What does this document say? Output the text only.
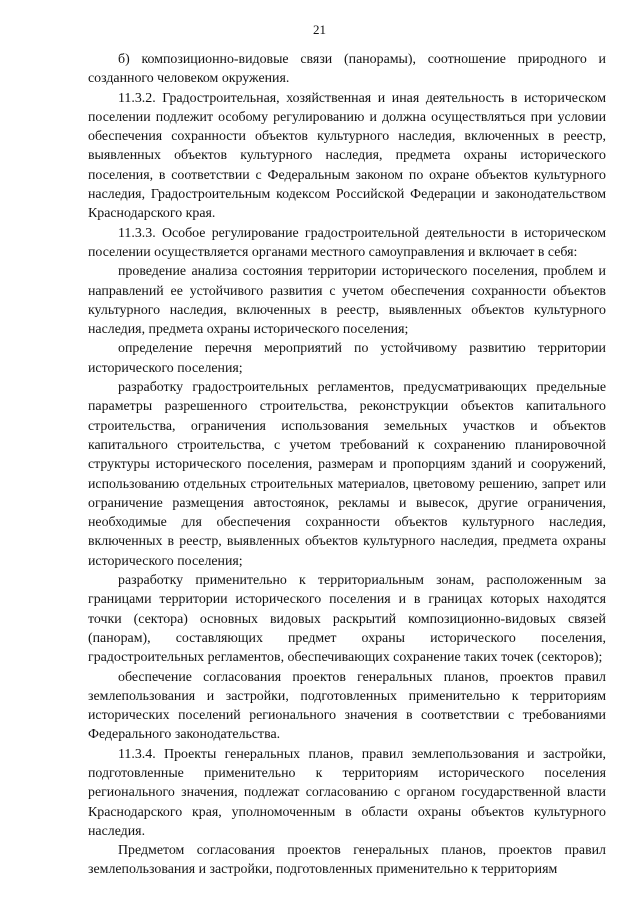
21

б) композиционно-видовые связи (панорамы), соотношение природного и созданного человеком окружения.

11.3.2. Градостроительная, хозяйственная и иная деятельность в историческом поселении подлежит особому регулированию и должна осуществляться при условии обеспечения сохранности объектов культурного наследия, включенных в реестр, выявленных объектов культурного наследия, предмета охраны исторического поселения, в соответствии с Федеральным законом по охране объектов культурного наследия, Градостроительным кодексом Российской Федерации и законодательством Краснодарского края.

11.3.3. Особое регулирование градостроительной деятельности в историческом поселении осуществляется органами местного самоуправления и включает в себя:

проведение анализа состояния территории исторического поселения, проблем и направлений ее устойчивого развития с учетом обеспечения сохранности объектов культурного наследия, включенных в реестр, выявленных объектов культурного наследия, предмета охраны исторического поселения;

определение перечня мероприятий по устойчивому развитию территории исторического поселения;

разработку градостроительных регламентов, предусматривающих предельные параметры разрешенного строительства, реконструкции объектов капитального строительства, ограничения использования земельных участков и объектов капитального строительства, с учетом требований к сохранению планировочной структуры исторического поселения, размерам и пропорциям зданий и сооружений, использованию отдельных строительных материалов, цветовому решению, запрет или ограничение размещения автостоянок, рекламы и вывесок, другие ограничения, необходимые для обеспечения сохранности объектов культурного наследия, включенных в реестр, выявленных объектов культурного наследия, предмета охраны исторического поселения;

разработку применительно к территориальным зонам, расположенным за границами территории исторического поселения и в границах которых находятся точки (сектора) основных видовых раскрытий композиционно-видовых связей (панорам), составляющих предмет охраны исторического поселения, градостроительных регламентов, обеспечивающих сохранение таких точек (секторов);

обеспечение согласования проектов генеральных планов, проектов правил землепользования и застройки, подготовленных применительно к территориям исторических поселений регионального значения в соответствии с требованиями Федерального законодательства.

11.3.4. Проекты генеральных планов, правил землепользования и застройки, подготовленные применительно к территориям исторического поселения регионального значения, подлежат согласованию с органом государственной власти Краснодарского края, уполномоченным в области охраны объектов культурного наследия.

Предметом согласования проектов генеральных планов, проектов правил землепользования и застройки, подготовленных применительно к территориям
